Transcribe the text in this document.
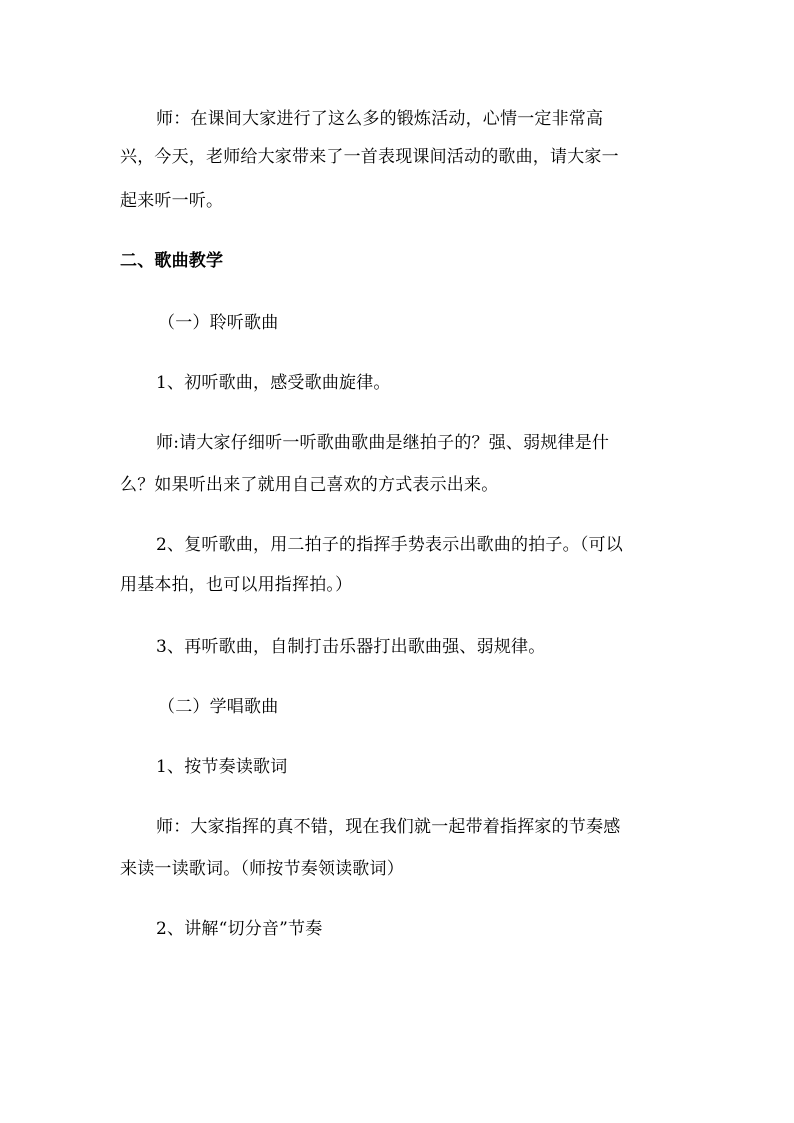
师：在课间大家进行了这么多的锻炼活动，心情一定非常高
兴，今天，老师给大家带来了一首表现课间活动的歌曲，请大家一
起来听一听。
二、歌曲教学
（一）聆听歌曲
1、初听歌曲，感受歌曲旋律。
师:请大家仔细听一听歌曲歌曲是继拍子的？强、弱规律是什
么？如果听出来了就用自己喜欢的方式表示出来。
2、复听歌曲，用二拍子的指挥手势表示出歌曲的拍子。（可以
用基本拍，也可以用指挥拍。）
3、再听歌曲，自制打击乐器打出歌曲强、弱规律。
（二）学唱歌曲
1、按节奏读歌词
师：大家指挥的真不错，现在我们就一起带着指挥家的节奏感
来读一读歌词。（师按节奏领读歌词）
2、讲解“切分音”节奏
